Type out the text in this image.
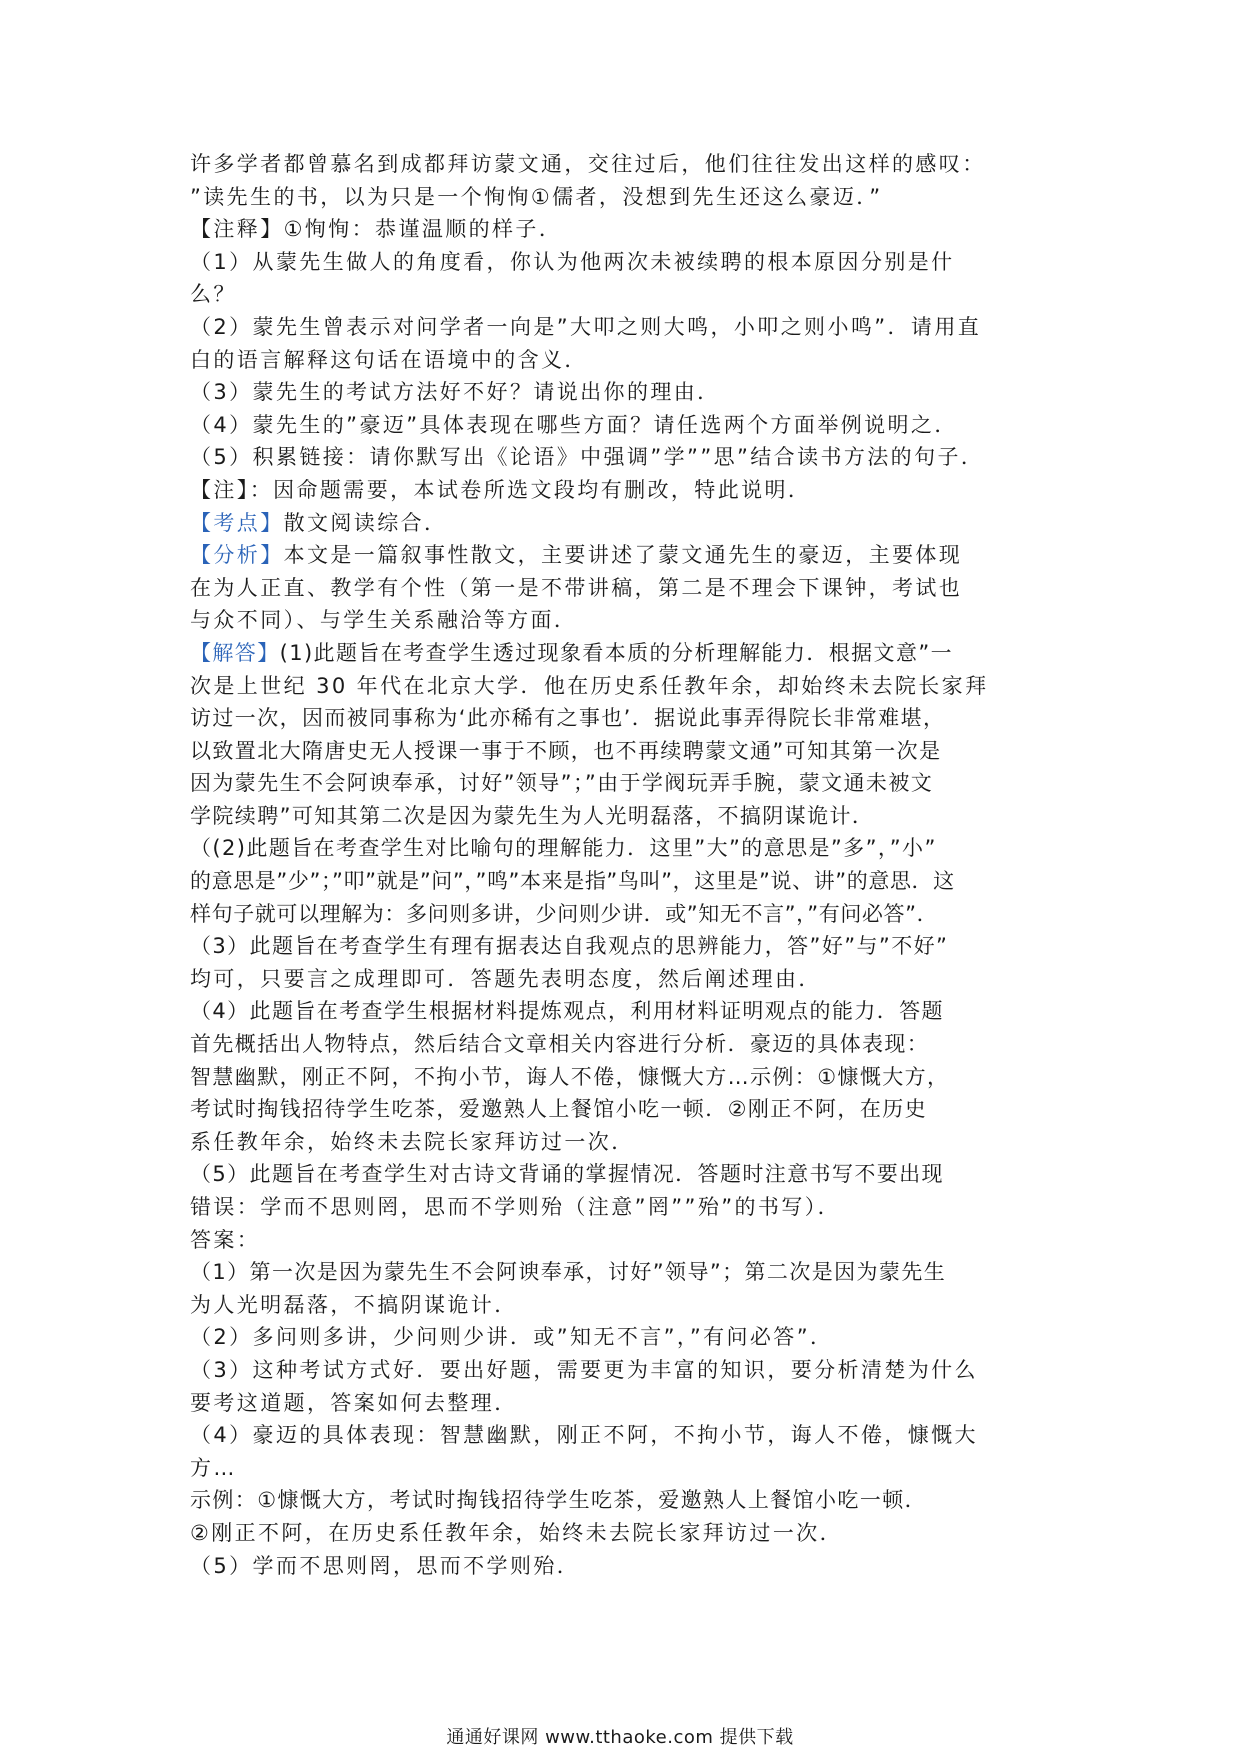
许多学者都曾慕名到成都拜访蒙文通，交往过后，他们往往发出这样的感叹：
”读先生的书，以为只是一个恂恂①儒者，没想到先生还这么豪迈．”
【注释】①恂恂：恭谨温顺的样子．
（1）从蒙先生做人的角度看，你认为他两次未被续聘的根本原因分别是什
么？
（2）蒙先生曾表示对问学者一向是”大叩之则大鸣，小叩之则小鸣”．请用直
白的语言解释这句话在语境中的含义．
（3）蒙先生的考试方法好不好？请说出你的理由．
（4）蒙先生的”豪迈”具体表现在哪些方面？请任选两个方面举例说明之．
（5）积累链接：请你默写出《论语》中强调”学””思”结合读书方法的句子．
【注】：因命题需要，本试卷所选文段均有删改，特此说明．
【考点】散文阅读综合．
【分析】本文是一篇叙事性散文，主要讲述了蒙文通先生的豪迈，主要体现
在为人正直、教学有个性（第一是不带讲稿，第二是不理会下课钟，考试也
与众不同）、与学生关系融洽等方面．
【解答】(1)此题旨在考查学生透过现象看本质的分析理解能力．根据文意”一
次是上世纪 30 年代在北京大学．他在历史系任教年余，却始终未去院长家拜
访过一次，因而被同事称为‘此亦稀有之事也’．据说此事弄得院长非常难堪，
以致置北大隋唐史无人授课一事于不顾，也不再续聘蒙文通”可知其第一次是
因为蒙先生不会阿谀奉承，讨好”领导”；”由于学阀玩弄手腕，蒙文通未被文
学院续聘”可知其第二次是因为蒙先生为人光明磊落，不搞阴谋诡计．
（(2)此题旨在考查学生对比喻句的理解能力．这里”大”的意思是”多”，”小”
的意思是”少”；”叩”就是”问”，”鸣”本来是指”鸟叫”，这里是”说、讲”的意思．这
样句子就可以理解为：多问则多讲，少问则少讲．或”知无不言”，”有问必答”．
（3）此题旨在考查学生有理有据表达自我观点的思辨能力，答”好”与”不好”
均可，只要言之成理即可．答题先表明态度，然后阐述理由．
（4）此题旨在考查学生根据材料提炼观点，利用材料证明观点的能力．答题
首先概括出人物特点，然后结合文章相关内容进行分析．豪迈的具体表现：
智慧幽默，刚正不阿，不拘小节，诲人不倦，慷慨大方…示例：①慷慨大方，
考试时掏钱招待学生吃茶，爱邀熟人上餐馆小吃一顿．②刚正不阿，在历史
系任教年余，始终未去院长家拜访过一次．
（5）此题旨在考查学生对古诗文背诵的掌握情况．答题时注意书写不要出现
错误：学而不思则罔，思而不学则殆（注意”罔””殆”的书写）．
答案：
（1）第一次是因为蒙先生不会阿谀奉承，讨好”领导”；第二次是因为蒙先生
为人光明磊落，不搞阴谋诡计．
（2）多问则多讲，少问则少讲．或”知无不言”，”有问必答”．
（3）这种考试方式好．要出好题，需要更为丰富的知识，要分析清楚为什么
要考这道题，答案如何去整理．
（4）豪迈的具体表现：智慧幽默，刚正不阿，不拘小节，诲人不倦，慷慨大
方…
示例：①慷慨大方，考试时掏钱招待学生吃茶，爱邀熟人上餐馆小吃一顿．
②刚正不阿，在历史系任教年余，始终未去院长家拜访过一次．
（5）学而不思则罔，思而不学则殆．
通通好课网 www.tthaoke.com 提供下载
